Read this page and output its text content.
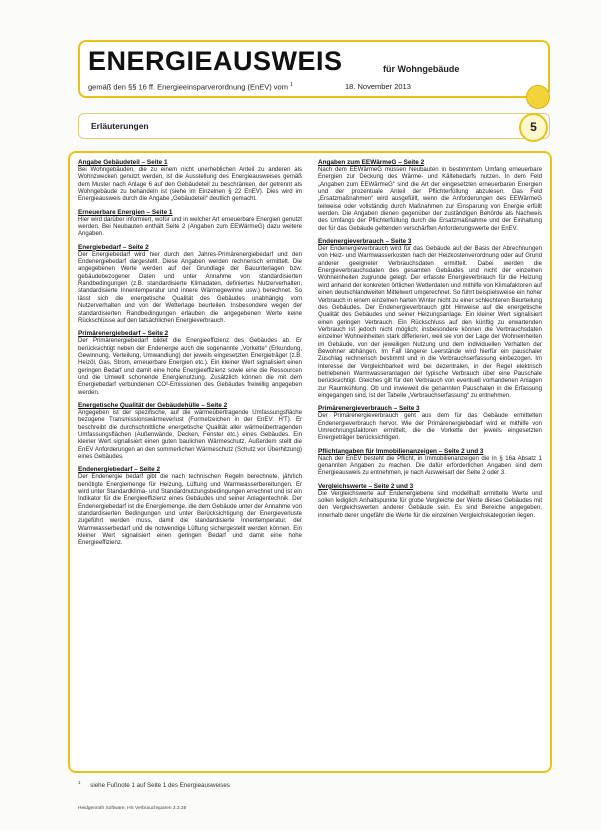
ENERGIEAUSWEIS	für Wohngebäude
gemäß den §§ 16 ff. Energieeinsparverordnung (EnEV) vom $^1$	18. November 2013
Erläuterungen	5
Angabe Gebäudeteil – Seite 1
Bei Wohngebäuden, die zu einem nicht unerheblichen Anteil zu anderen als Wohnzwecken genutzt werden, ist die Ausstellung des Energieausweises gemäß dem Muster nach Anlage 6 auf den Gebäudeteil zu beschränken, der getrennt als Wohngebäude zu behandeln ist (siehe im Einzelnen § 22 EnEV). Dies wird im Energieausweis durch die Angabe „Gebäudeteil“ deutlich gemacht.
Erneuerbare Energien – Seite 1
Hier wird darüber informiert, wofür und in welcher Art erneuerbare Energien genutzt werden. Bei Neubauten enthält Seite 2 (Angaben zum EEWärmeG) dazu weitere Angaben.
Energiebedarf – Seite 2
Der Energiebedarf wird hier durch den Jahres-Primärenergiebedarf und den Endenergiebedarf dargestellt. Diese Angaben werden rechnerisch ermittelt. Die angegebenen Werte werden auf der Grundlage der Bauunterlagen bzw. gebäudebezogener Daten und unter Annahme von standardisierten Randbedingungen (z.B. standardisierte Klimadaten, definiertes Nutzerverhalten, standardisierte Innentemperatur und innere Wärmegewinne usw.) berechnet. So lässt sich die energetische Qualität des Gebäudes unabhängig vom Nutzerverhalten und von der Wetterlage beurteilen. Insbesondere wegen der standardisierten Randbedingungen erlauben die angegebenen Werte keine Rückschlüsse auf den tatsächlichen Energieverbrauch.
Primärenergiebedarf – Seite 2
Der Primärenergiebedarf bildet die Energieeffizienz des Gebäudes ab. Er berücksichtigt neben der Endenergie auch die sogenannte „Vorkette“ (Erkundung, Gewinnung, Verteilung, Umwandlung) der jeweils eingesetzten Energieträger (z.B. Heizöl, Gas, Strom, erneuerbare Energien etc.). Ein kleiner Wert signalisiert einen geringen Bedarf und damit eine hohe Energieeffizienz sowie eine die Ressourcen und die Umwelt schonende Energienutzung. Zusätzlich können die mit dem Energiebedarf verbundenen CO²-Emissionen des Gebäudes freiwillig angegeben werden.
Energetische Qualität der Gebäudehülle – Seite 2
Angegeben ist der spezifische, auf die wärmeübertragende Umfassungsfläche bezogene Transmissionswärmeverlust (Formelzeichen in der EnEV: H'T). Er beschreibt die durchschnittliche energetische Qualität aller wärmeübertragenden Umfassungsflächen (Außenwände, Decken, Fenster etc.) eines Gebäudes. Ein kleiner Wert signalisiert einen guten baulichen Wärmeschutz. Außerdem stellt die EnEV Anforderungen an den sommerlichen Wärmeschutz (Schutz vor Überhitzung) eines Gebäudes.
Endenergiebedarf – Seite 2
Der Endenergie bedarf gibt die nach technischen Regeln berechnete, jährlich benötigte Energiemenge für Heizung, Lüftung und Warmwasserbereitungen. Er wird unter Standardklima- und Standardnutzungsbedingungen errechnet und ist ein Indikator für die Energieeffizienz eines Gebäudes und seiner Anlagentechnik. Der Endenergiebedarf ist die Energiemenge, die dem Gebäude unter der Annahme von standardisierten Bedingungen und unter Berücksichtigung der Energieverluste zugeführt werden muss, damit die standardisierte Innentemperatur, der Warmwasserbedarf und die notwendige Lüftung sichergestellt werden können. Ein kleiner Wert signalisiert einen geringen Bedarf und damit eine hohe Energieeffizienz.
Angaben zum EEWärmeG – Seite 2
Nach dem EEWärmeG müssen Neubauten in bestimmtem Umfang erneuerbare Energien zur Deckung des Wärme- und Kältebedarfs nutzen. In dem Feld „Angaben zum EEWärmeG“ sind die Art der eingesetzten erneuerbaren Energien und der prozentuale Anteil der Pflichterfüllung abzulesen. Das Feld „Ersatzmaßnahmen“ wird ausgefüllt, wenn die Anforderungen des EEWärmeG teilweise oder vollständig durch Maßnahmen zur Einsparung von Energie erfüllt werden. Die Angaben dienen gegenüber der zuständigen Behörde als Nachweis des Umfangs der Pflichterfüllung durch die Ersatzmaßnahme und der Einhaltung der für das Gebäude geltenden verschärften Anforderungswerte der EnEV.
Endenergieverbrauch – Seite 3
Der Endenergieverbrauch wird für das Gebäude auf der Basis der Abrechnungen von Heiz- und Warmwasserkosten nach der Heizkostenverordnung oder auf Grund anderer geeigneter Verbrauchsdaten ermittelt. Dabei werden die Energieverbrauchsdaten des gesamten Gebäudes und nicht der einzelnen Wohneinheiten zugrunde gelegt. Der erfasste Energieverbrauch für die Heizung wird anhand der konkreten örtlichen Wetterdaten und mithilfe von Klimafaktoren auf einen deutschlandweiten Mittelwert umgerechnet. So führt beispielsweise ein hoher Verbrauch in einem einzelnen harten Winter nicht zu einer schlechteren Beurteilung des Gebäudes. Der Endenergieverbrauch gibt Hinweise auf die energetische Qualität des Gebäudes und seiner Heizungsanlage. Ein kleiner Wert signalisiert einen geringen Verbrauch. Ein Rückschluss auf den künftig zu erwartenden Verbrauch ist jedoch nicht möglich; insbesondere können die Verbrauchsdaten einzelner Wohneinheiten stark differieren, weil sie von der Lage der Wohneinheiten im Gebäude, von der jeweiligen Nutzung und dem individuellen Verhalten der Bewohner abhängen. Im Fall längerer Leerstände wird hierfür ein pauschaler Zuschlag rechnerisch bestimmt und in die Verbrauchserfassung einbezogen. Im Interesse der Vergleichbarkeit wird bei dezentralen, in der Regel elektrisch betriebenen Warmwasseranlagen der typische Verbrauch über eine Pauschale berücksichtigt. Gleiches gilt für den Verbrauch von eventuell vorhandenen Anlagen zur Raumkühlung. Ob und inwieweit die genannten Pauschalen in die Erfassung eingegangen sind, ist der Tabelle „Verbrauchserfassung“ zu entnehmen.
Primärenergieverbrauch – Seite 3
Der Primärenergieverbrauch geht aus dem für das Gebäude ermittelten Endenergieverbrauch hervor. Wie der Primärenergiebedarf wird er mithilfe von Umrechnungsfaktoren ermittelt, die die Vorkette der jeweils eingesetzten Energieträger berücksichtigen.
Pflichtangaben für Immobilienanzeigen – Seite 2 und 3
Nach der EnEV besteht die Pflicht, in Immobilienanzeigen die in § 16a Absatz 1 genannten Angaben zu machen. Die dafür erforderlichen Angaben sind dem Energieausweis zu entnehmen, je nach Ausweisart der Seite 2 oder 3.
Vergleichswerte – Seite 2 und 3
Die Vergleichswerte auf Endenergiebene sind modellhaft ermittelte Werte und sollen lediglich Anhaltspunkte für grobe Vergleiche der Werte dieses Gebäudes mit den Vergleichswerten anderer Gebäude sein. Es sind Bereiche angegeben, innerhalb derer ungefähr die Werte für die einzelnen Vergleichskategorien liegen.
$^1$ siehe Fußnote 1 auf Seite 1 des Energieausweises
Heidgenroth Software, HS Verbrauchsparen 3.3.35
